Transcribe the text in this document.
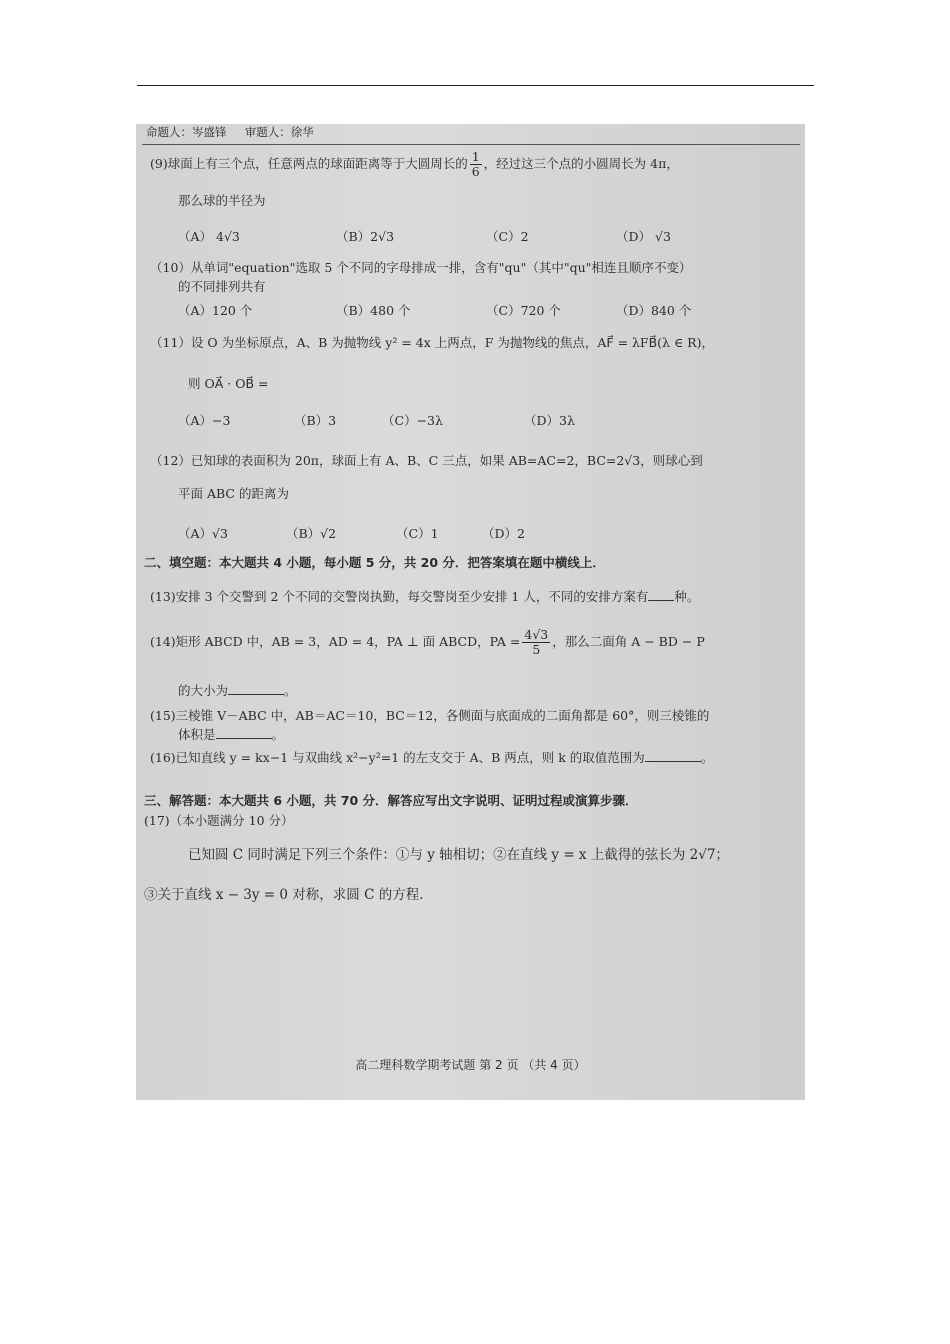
命题人：岑盛锋 审题人：徐华
(9)球面上有三个点，任意两点的球面距离等于大圆周长的 $\frac{1}{6}$ ，经过这三个点的小圆周长为 4π，
那么球的半径为
（A） 4√3	（B）2√3	（C）2	（D） √3
（10）从单词"equation"选取 5 个不同的字母排成一排，含有"qu"（其中"qu"相连且顺序不变）
的不同排列共有
（A）120 个	（B）480 个	（C）720 个	（D）840 个
（11）设 O 为坐标原点，A、B 为抛物线 y² = 4x 上两点，F 为抛物线的焦点，AF⃗ = λFB⃗(λ ∈ R)，
则 OA⃗ · OB⃗ =
（A）−3	（B）3	（C）−3λ	（D）3λ
（12）已知球的表面积为 20π，球面上有 A、B、C 三点，如果 AB=AC=2，BC=2√3，则球心到
平面 ABC 的距离为
（A）√3	（B）√2	（C）1	（D）2
二、填空题：本大题共 4 小题，每小题 5 分，共 20 分．把答案填在题中横线上．
(13)安排 3 个交警到 2 个不同的交警岗执勤，每交警岗至少安排 1 人，不同的安排方案有 种。
(14)矩形 ABCD 中，AB = 3，AD = 4，PA ⊥ 面 ABCD，PA = $\frac{4√3}{5}$ ，那么二面角 A − BD − P
的大小为	。
(15)三棱锥 V－ABC 中，AB＝AC＝10，BC＝12，各侧面与底面成的二面角都是 60°，则三棱锥的
体积是	。
(16)已知直线 y = kx−1 与双曲线 x²−y²=1 的左支交于 A、B 两点，则 k 的取值范围为	。
三、解答题：本大题共 6 小题，共 70 分．解答应写出文字说明、证明过程或演算步骤．
(17)（本小题满分 10 分）
已知圆 C 同时满足下列三个条件：①与 y 轴相切；②在直线 y = x 上截得的弦长为 2√7；
③关于直线 x − 3y = 0 对称，求圆 C 的方程.
高二理科数学期考试题 第 2 页 （共 4 页）
